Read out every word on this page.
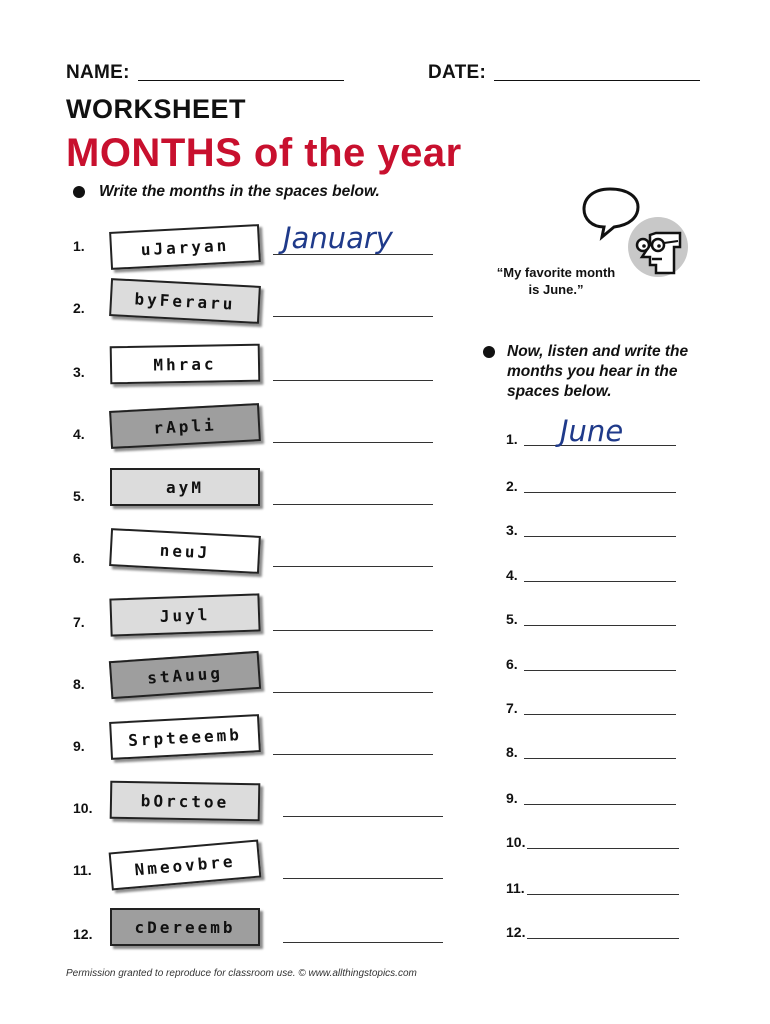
NAME:	DATE:
WORKSHEET
MONTHS of the year
Write the months in the spaces below.
1.	uJaryan January
2.	byFeraru
3.	Mhrac
4.	rApli
5.	ayM
6.	neuJ
7.	Juyl
8.	stAuug
9.	Srpteeemb
10.	bOrctoe
11.	Nmeovbre
12.	cDereemb
“My favorite month is June.”
Now, listen and write the months you hear in the spaces below.
1. June
2.
3.
4.
5.
6.
7.
8.
9.
10.
11.
12.
Permission granted to reproduce for classroom use. © www.allthingstopics.com
